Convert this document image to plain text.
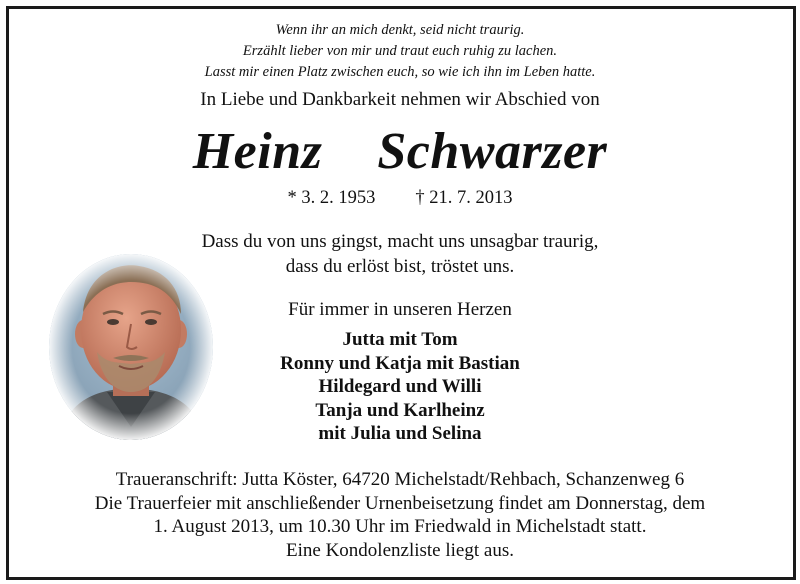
Wenn ihr an mich denkt, seid nicht traurig.
Erzählt lieber von mir und traut euch ruhig zu lachen.
Lasst mir einen Platz zwischen euch, so wie ich ihn im Leben hatte.
In Liebe und Dankbarkeit nehmen wir Abschied von
Heinz  Schwarzer
* 3. 2. 1953 † 21. 7. 2013
Dass du von uns gingst, macht uns unsagbar traurig,
dass du erlöst bist, tröstet uns.
Für immer in unseren Herzen
Jutta mit Tom
Ronny und Katja mit Bastian
Hildegard und Willi
Tanja und Karlheinz
mit Julia und Selina
Traueranschrift: Jutta Köster, 64720 Michelstadt/Rehbach, Schanzenweg 6
Die Trauerfeier mit anschließender Urnenbeisetzung findet am Donnerstag, dem
1. August 2013, um 10.30 Uhr im Friedwald in Michelstadt statt.
Eine Kondolenzliste liegt aus.
